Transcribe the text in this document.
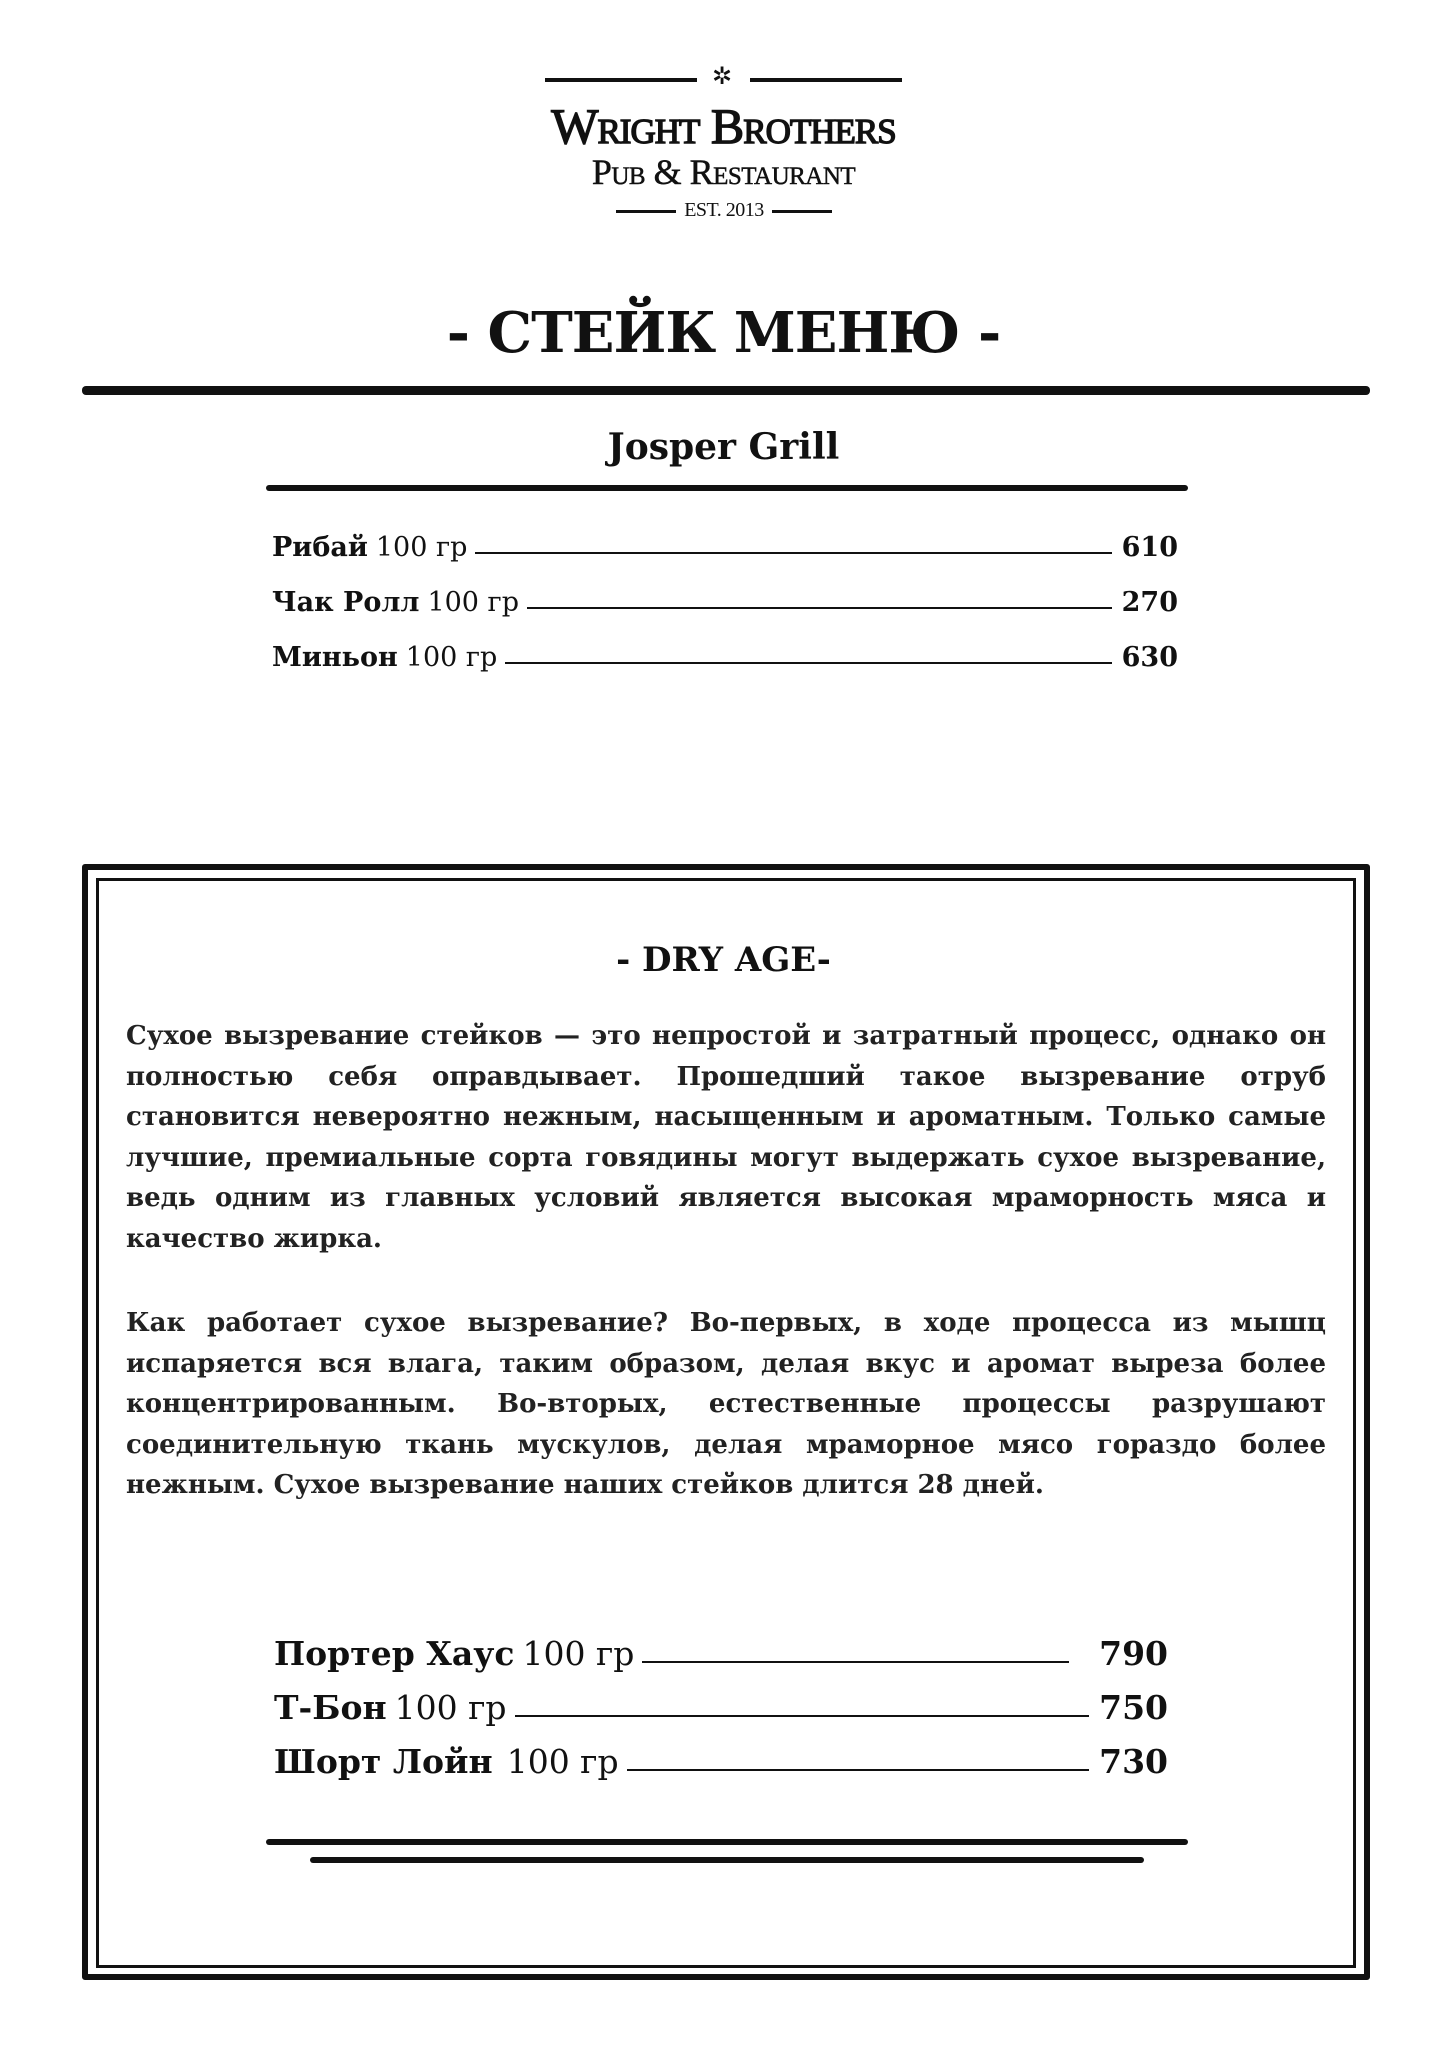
✲
Wright Brothers
Pub & Restaurant
EST. 2013
- СТЕЙК МЕНЮ -
Josper Grill
Рибай 100 гр	610
Чак Ролл 100 гр	270
Миньон 100 гр	630
- DRY AGE-
Сухое вызревание стейков — это непростой и затратный процесс, однако он полностью себя оправдывает. Прошедший такое вызревание отруб становится невероятно нежным, насыщенным и ароматным. Только самые лучшие, премиальные сорта говядины могут выдержать сухое вызревание, ведь одним из главных условий является высокая мраморность мяса и качество жирка.
Как работает сухое вызревание? Во-первых, в ходе процесса из мышц испаряется вся влага, таким образом, делая вкус и аромат выреза более концентрированным. Во-вторых, естественные процессы разрушают соединительную ткань мускулов, делая мраморное мясо гораздо более нежным. Сухое вызревание наших стейков длится 28 дней.
Портер Хаус 100 гр	790
Т-Бон 100 гр	750
Шорт Лойн 100 гр	730
